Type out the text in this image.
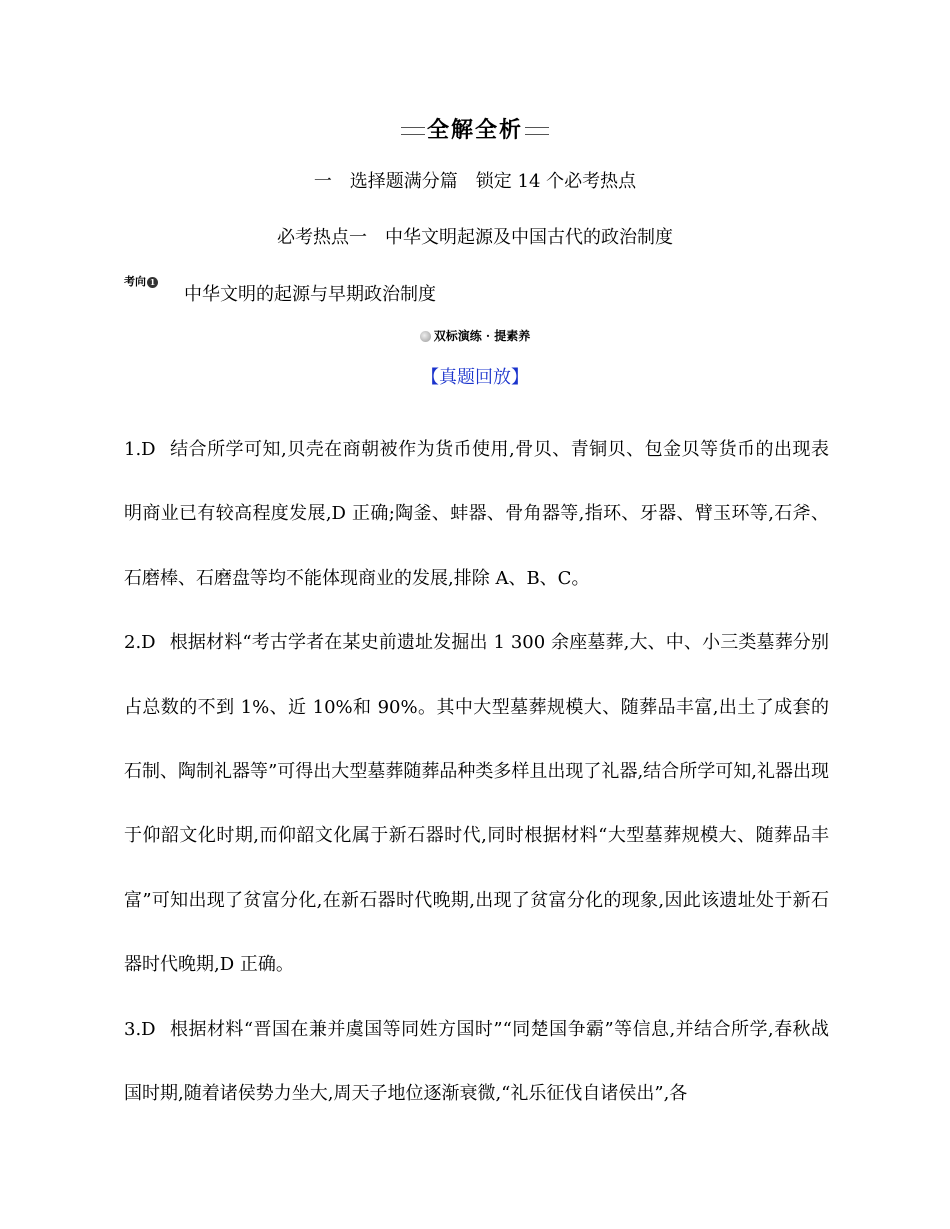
全解全析
一　选择题满分篇　锁定 14 个必考热点
必考热点一　中华文明起源及中国古代的政治制度
考向 1
中华文明的起源与早期政治制度
双标演练 · 提素养
【真题回放】

1.D 结合所学可知,贝壳在商朝被作为货币使用,骨贝、青铜贝、包金贝等货币的出现表明商业已有较高程度发展,D 正确;陶釜、蚌器、骨角器等,指环、牙器、臂玉环等,石斧、石磨棒、石磨盘等均不能体现商业的发展,排除 A、B、C。

2.D 根据材料“考古学者在某史前遗址发掘出 1 300 余座墓葬,大、中、小三类墓葬分别占总数的不到 1%、近 10%和 90%。其中大型墓葬规模大、随葬品丰富,出土了成套的石制、陶制礼器等”可得出大型墓葬随葬品种类多样且出现了礼器,结合所学可知,礼器出现于仰韶文化时期,而仰韶文化属于新石器时代,同时根据材料“大型墓葬规模大、随葬品丰富”可知出现了贫富分化,在新石器时代晚期,出现了贫富分化的现象,因此该遗址处于新石器时代晚期,D 正确。

3.D 根据材料“晋国在兼并虞国等同姓方国时”“同楚国争霸”等信息,并结合所学,春秋战国时期,随着诸侯势力坐大,周天子地位逐渐衰微,“礼乐征伐自诸侯出”,各
